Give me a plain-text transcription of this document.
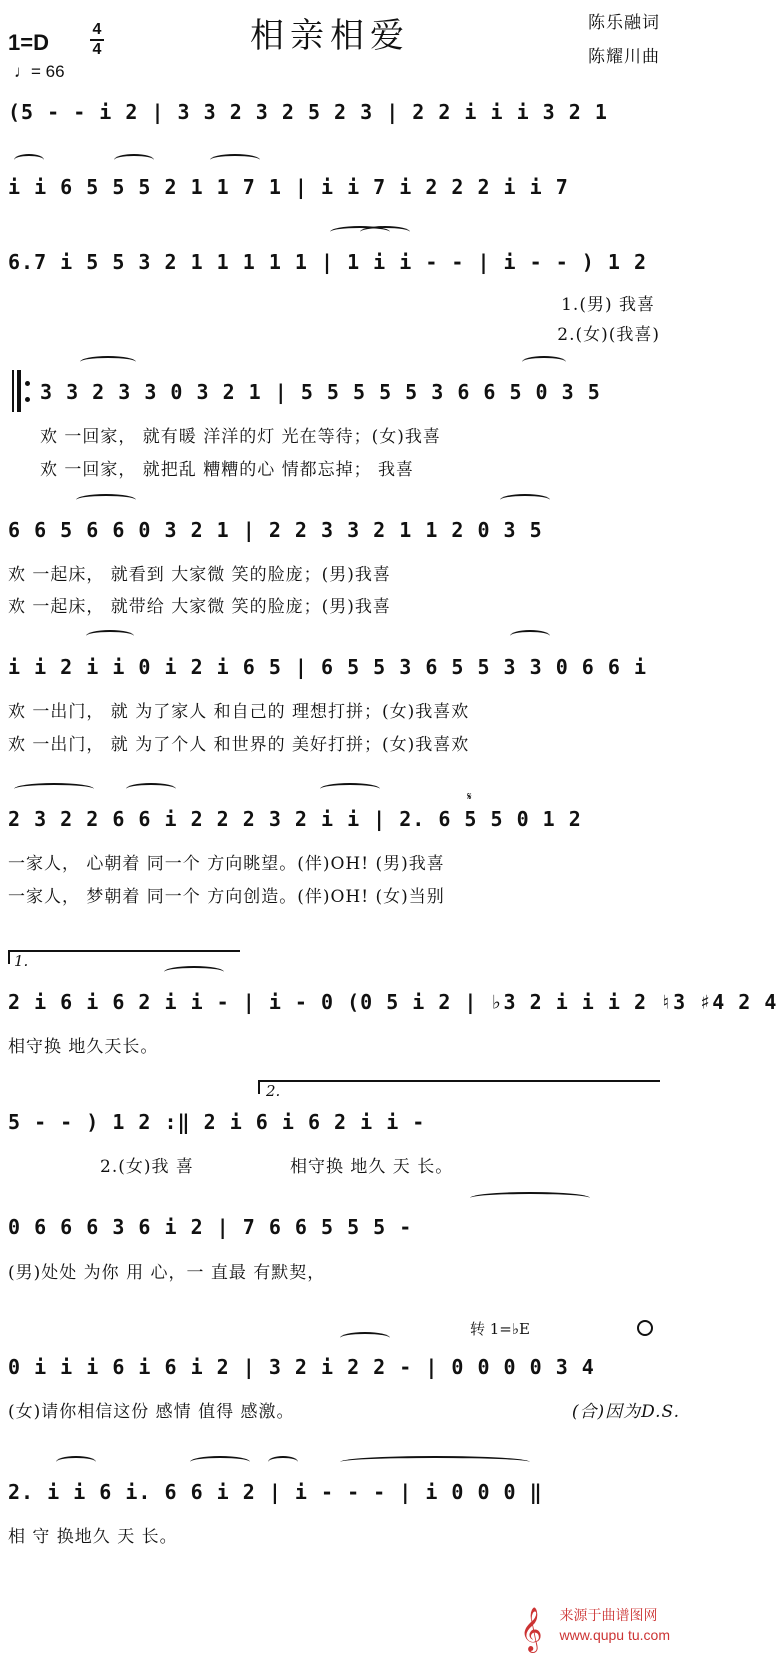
1=D
4
4
♩= 66
相亲相爱	陈乐融词
陈耀川曲
(5 - - i 2 | 3 3 2 3 2 5 2 3 | 2 2 i i i 3 2 1
i i 6 5 5 5 2 1 1 7 1 | i i 7 i 2 2 2 i i 7
6.7 i 5 5 3 2 1 1 1 1 1 | 1 i i - - | i - - ) 1 2
1.(男) 我喜
2.(女)(我喜)
3 3 2 3 3 0 3 2 1 | 5 5 5 5 5 3 6 6 5 0 3 5
欢 一回家， 就有暖 洋洋的灯 光在等待；(女)我喜
欢 一回家， 就把乱 糟糟的心 情都忘掉； 我喜
6 6 5 6 6 0 3 2 1 | 2 2 3 3 2 1 1 2 0 3 5
欢 一起床， 就看到 大家微 笑的脸庞；(男)我喜
欢 一起床， 就带给 大家微 笑的脸庞；(男)我喜
i i 2 i i 0 i 2 i 6 5 | 6 5 5 3 6 5 5 3 3 0 6 6 i
欢 一出门， 就 为了家人 和自己的 理想打拼；(女)我喜欢
欢 一出门， 就 为了个人 和世界的 美好打拼；(女)我喜欢
2 3 2 2 6 6 i 2 2 2 3 2 i i | 2. 6 5 5 0 1 2
𝄋
一家人， 心朝着 同一个 方向眺望。(伴)OH! (男)我喜
一家人， 梦朝着 同一个 方向创造。(伴)OH! (女)当别
1.
2 i 6 i 6 2 i i - | i - 0 (0 5 i 2 | ♭3 2 i i i 2 ♮3 ♯4 2 4
相守换 地久天长。
2.
5 - - ) 1 2 :‖ 2 i 6 i 6 2 i i -
2.(女)我 喜	相守换 地久 天 长。
0 6 6 6 3 6 i 2 | 7 6 6 5 5 5 -
(男)处处 为你 用 心，一 直最 有默契，
转 1=♭E
0 i i i 6 i 6 i 2 | 3 2 i 2 2 - | 0 0 0 0 3 4
(女)请你相信这份 感情 值得 感激。	(合)因为D.S.
2. i i 6 i. 6 6 i 2 | i - - - | i 0 0 0 ‖
相 守 换地久 天 长。
𝄞	来源于曲谱图网
www.qupu tu.com
